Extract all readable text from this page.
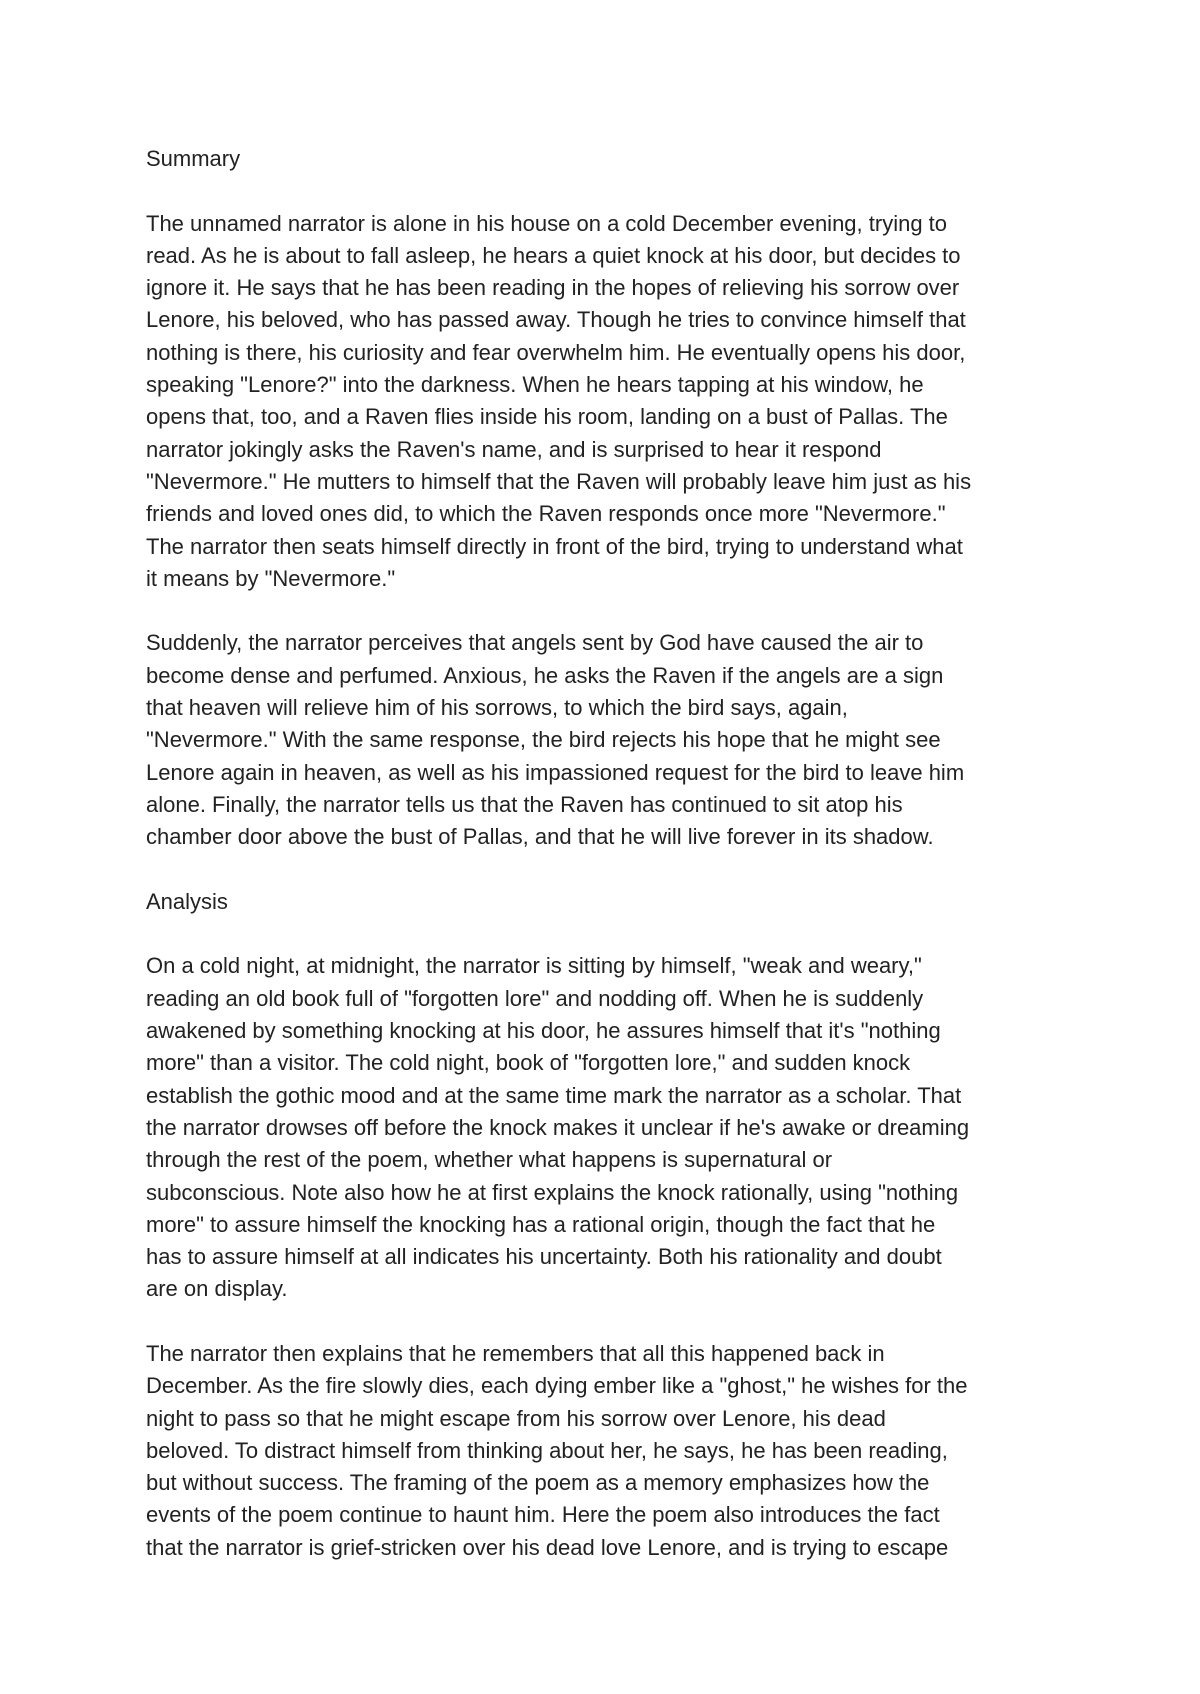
Summary
The unnamed narrator is alone in his house on a cold December evening, trying to
read. As he is about to fall asleep, he hears a quiet knock at his door, but decides to
ignore it. He says that he has been reading in the hopes of relieving his sorrow over
Lenore, his beloved, who has passed away. Though he tries to convince himself that
nothing is there, his curiosity and fear overwhelm him. He eventually opens his door,
speaking "Lenore?" into the darkness. When he hears tapping at his window, he
opens that, too, and a Raven flies inside his room, landing on a bust of Pallas. The
narrator jokingly asks the Raven's name, and is surprised to hear it respond
"Nevermore." He mutters to himself that the Raven will probably leave him just as his
friends and loved ones did, to which the Raven responds once more "Nevermore."
The narrator then seats himself directly in front of the bird, trying to understand what
it means by "Nevermore."
Suddenly, the narrator perceives that angels sent by God have caused the air to
become dense and perfumed. Anxious, he asks the Raven if the angels are a sign
that heaven will relieve him of his sorrows, to which the bird says, again,
"Nevermore." With the same response, the bird rejects his hope that he might see
Lenore again in heaven, as well as his impassioned request for the bird to leave him
alone. Finally, the narrator tells us that the Raven has continued to sit atop his
chamber door above the bust of Pallas, and that he will live forever in its shadow.
Analysis
On a cold night, at midnight, the narrator is sitting by himself, "weak and weary,"
reading an old book full of "forgotten lore" and nodding off. When he is suddenly
awakened by something knocking at his door, he assures himself that it's "nothing
more" than a visitor. The cold night, book of "forgotten lore," and sudden knock
establish the gothic mood and at the same time mark the narrator as a scholar. That
the narrator drowses off before the knock makes it unclear if he's awake or dreaming
through the rest of the poem, whether what happens is supernatural or
subconscious. Note also how he at first explains the knock rationally, using "nothing
more" to assure himself the knocking has a rational origin, though the fact that he
has to assure himself at all indicates his uncertainty. Both his rationality and doubt
are on display.
The narrator then explains that he remembers that all this happened back in
December. As the fire slowly dies, each dying ember like a "ghost," he wishes for the
night to pass so that he might escape from his sorrow over Lenore, his dead
beloved. To distract himself from thinking about her, he says, he has been reading,
but without success. The framing of the poem as a memory emphasizes how the
events of the poem continue to haunt him. Here the poem also introduces the fact
that the narrator is grief-stricken over his dead love Lenore, and is trying to escape
